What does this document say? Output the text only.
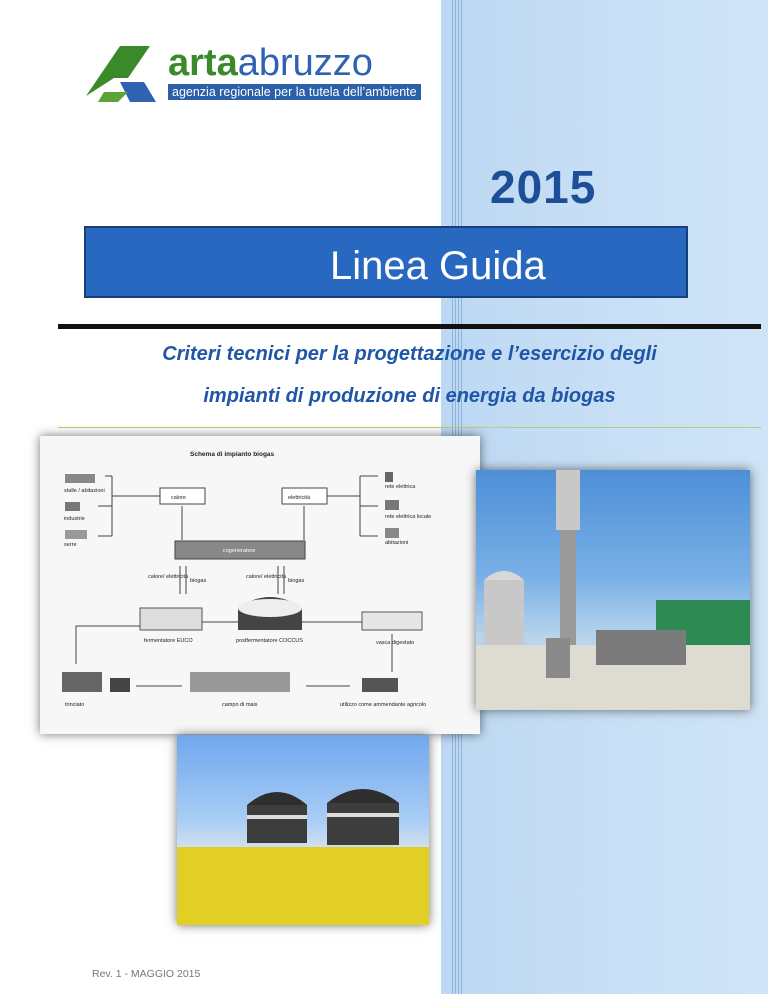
artaabruzzo
agenzia regionale per la tutela dell’ambiente
2015
Linea Guida
Criteri tecnici per la progettazione e l’esercizio degli
impianti di produzione di energia da biogas
Schema di impianto biogas
stalle / abitazioni
industrie
serre
calore	elettricità
rete elettrica
rete elettrica locale
abitazioni
cogeneratore
calore/ elettricità
biogas
calore/ elettricità
biogas
fermentatore EUCO	postfermentatore COCCUS	vasca digestato
trinciato	campo di mais	utilizzo come ammendante agricolo
Rev. 1 - MAGGIO 2015
